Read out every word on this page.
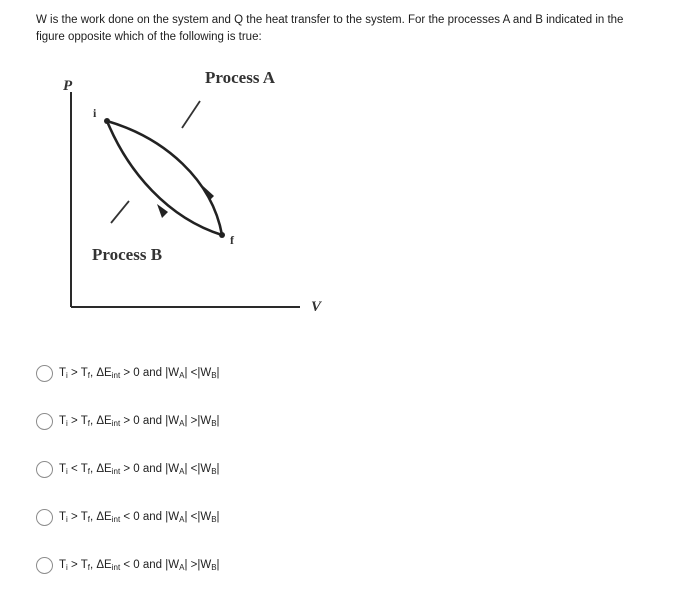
W is the work done on the system and Q the heat transfer to the system. For the processes A and B indicated in the figure opposite which of the following is true:
P
V
i
f
Process A
Process B
$T_i > T_f$, $\Delta E_{int} > 0$ and $|W_A| <|W_B|$
$T_i > T_f$, $\Delta E_{int} > 0$ and $|W_A| >|W_B|$
$T_i < T_f$, $\Delta E_{int} > 0$ and $|W_A| <|W_B|$
$T_i > T_f$, $\Delta E_{int} < 0$ and $|W_A| <|W_B|$
$T_i > T_f$, $\Delta E_{int} < 0$ and $|W_A| >|W_B|$
